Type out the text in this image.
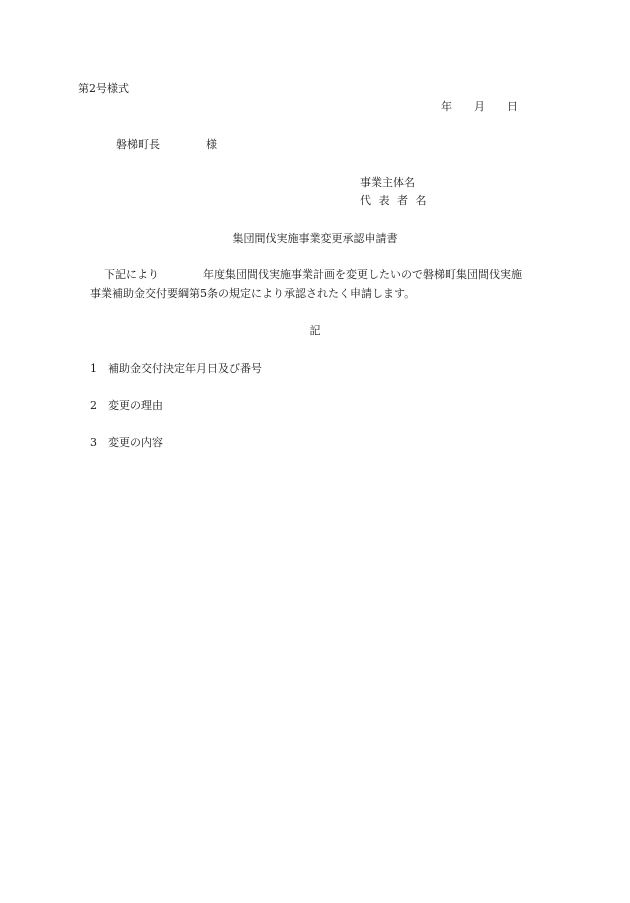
第2号様式
年 月 日
磐梯町長	様
事業主体名
代 表 者 名
集団間伐実施事業変更承認申請書
下記により	年度集団間伐実施事業計画を変更したいので磐梯町集団間伐実施
事業補助金交付要綱第5条の規定により承認されたく申請します。
記
1 補助金交付決定年月日及び番号
2 変更の理由
3 変更の内容
